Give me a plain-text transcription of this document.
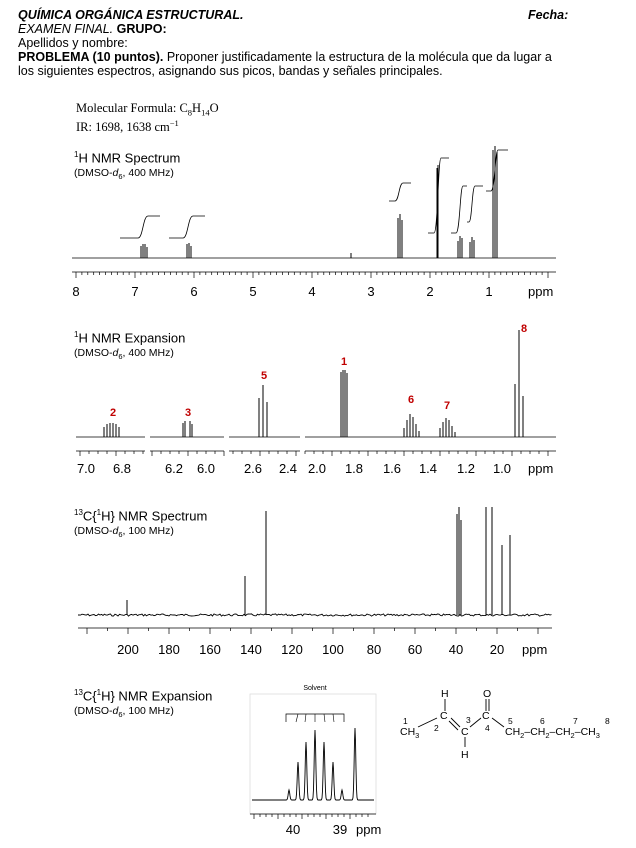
QUÍMICA ORGÁNICA ESTRUCTURAL.	Fecha:
EXAMEN FINAL. GRUPO:
Apellidos y nombre:
PROBLEMA (10 puntos). Proponer justificadamente la estructura de la molécula que da lugar a
los siguientes espectros, asignando sus picos, bandas y señales principales.
Molecular Formula: $C_8H_{14}O$
IR: 1698, 1638 $cm^{-1}$
$^1$H NMR Spectrum
($DMSO-d_6$, 400 MHz)
$^1$H NMR Expansion
($DMSO-d_6$, 400 MHz)
$^{13}$C{$^1$H} NMR Spectrum
($DMSO-d_6$, 100 MHz)
$^{13}$C{$^1$H} NMR Expansion
($DMSO-d_6$, 100 MHz)
8	7	6	5	4	3	2	1	ppm
2	3
5
1
6	7
8
7.0 6.8	6.2 6.0 2.6 2.4 2.0 1.8 1.6 1.4 1.2 1.0 ppm
200 180 160 140 120 100 80 60 40 20 ppm
Solvent
40	39 ppm
H	O
H
$CH_3$
C
C
C
$CH_2-CH_2-CH_2-CH_3$
1
2
3
4
5	6	7	8
